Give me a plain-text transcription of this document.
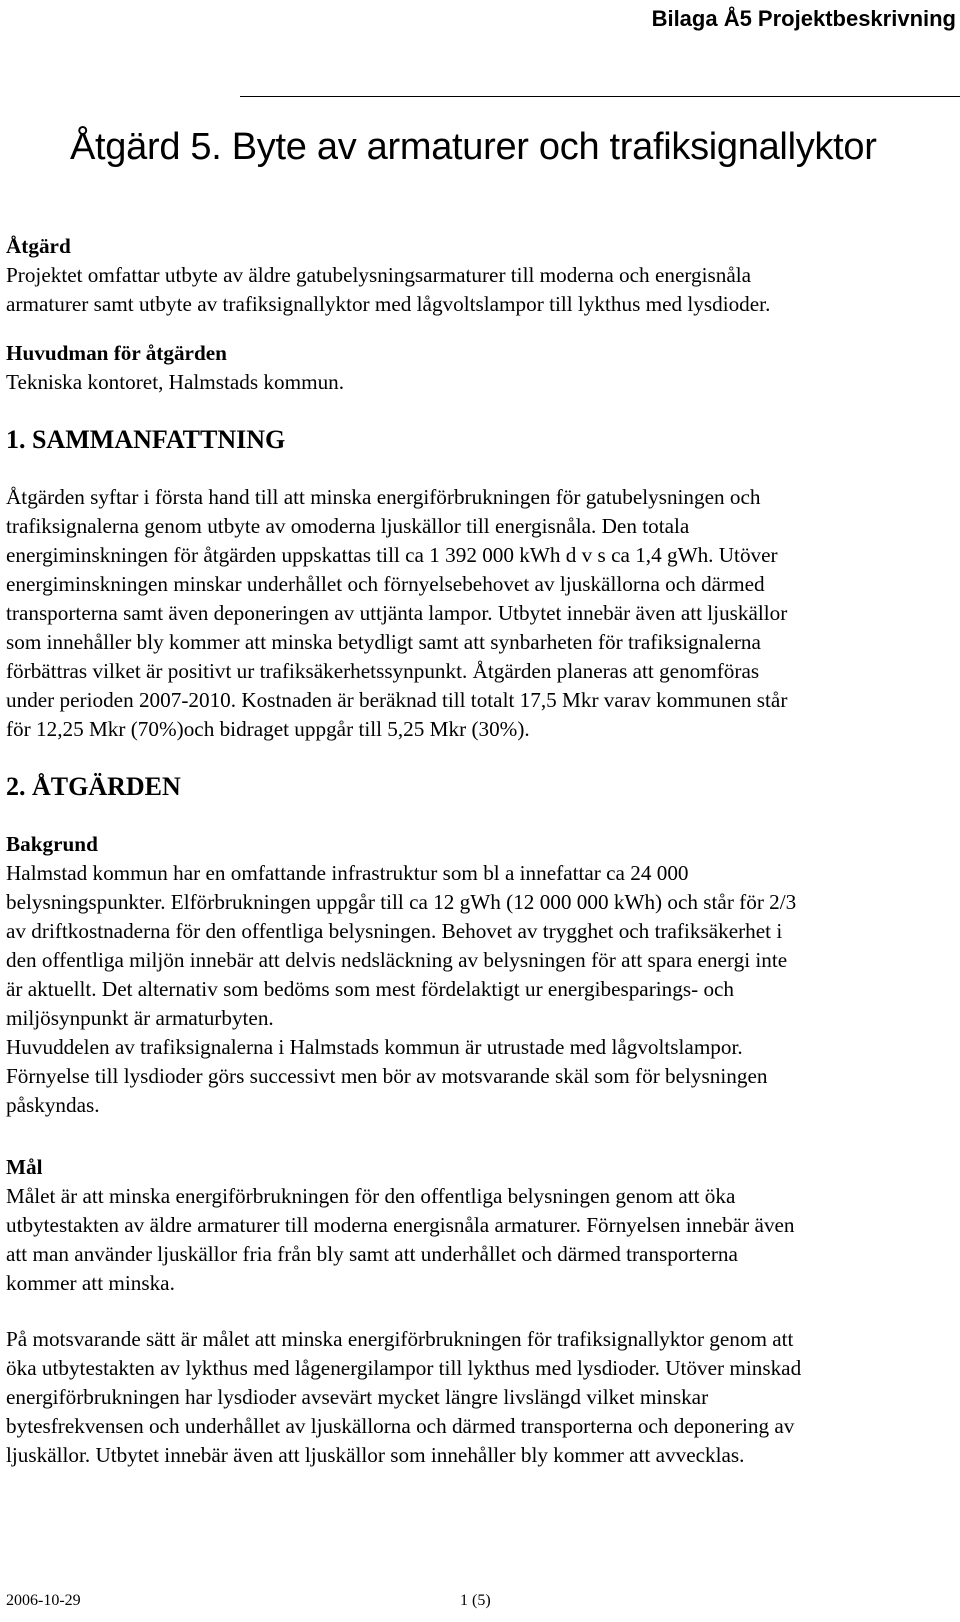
Bilaga Å5 Projektbeskrivning
Åtgärd 5. Byte av armaturer och trafiksignallyktor
Åtgärd

Projektet omfattar utbyte av äldre gatubelysningsarmaturer till moderna och energisnåla

armaturer samt utbyte av trafiksignallyktor med lågvoltslampor till lykthus med lysdioder.

Huvudman för åtgärden

Tekniska kontoret, Halmstads kommun.

1. SAMMANFATTNING

Åtgärden syftar i första hand till att minska energiförbrukningen för gatubelysningen och

trafiksignalerna genom utbyte av omoderna ljuskällor till energisnåla. Den totala

energiminskningen för åtgärden uppskattas till ca 1 392 000 kWh d v s ca 1,4 gWh. Utöver

energiminskningen minskar underhållet och förnyelsebehovet av ljuskällorna och därmed

transporterna samt även deponeringen av uttjänta lampor. Utbytet innebär även att ljuskällor

som innehåller bly kommer att minska betydligt samt att synbarheten för trafiksignalerna

förbättras vilket är positivt ur trafiksäkerhetssynpunkt. Åtgärden planeras att genomföras

under perioden 2007-2010. Kostnaden är beräknad till totalt 17,5 Mkr varav kommunen står

för 12,25 Mkr (70%)och bidraget uppgår till 5,25 Mkr (30%).

2. ÅTGÄRDEN
Bakgrund

Halmstad kommun har en omfattande infrastruktur som bl a innefattar ca 24 000

belysningspunkter. Elförbrukningen uppgår till ca 12 gWh (12 000 000 kWh) och står för 2/3

av driftkostnaderna för den offentliga belysningen. Behovet av trygghet och trafiksäkerhet i

den offentliga miljön innebär att delvis nedsläckning av belysningen för att spara energi inte

är aktuellt. Det alternativ som bedöms som mest fördelaktigt ur energibesparings- och

miljösynpunkt är armaturbyten.

Huvuddelen av trafiksignalerna i Halmstads kommun är utrustade med lågvoltslampor.

Förnyelse till lysdioder görs successivt men bör av motsvarande skäl som för belysningen

påskyndas.

Mål

Målet är att minska energiförbrukningen för den offentliga belysningen genom att öka

utbytestakten av äldre armaturer till moderna energisnåla armaturer. Förnyelsen innebär även

att man använder ljuskällor fria från bly samt att underhållet och därmed transporterna

kommer att minska.

På motsvarande sätt är målet att minska energiförbrukningen för trafiksignallyktor genom att

öka utbytestakten av lykthus med lågenergilampor till lykthus med lysdioder. Utöver minskad

energiförbrukningen har lysdioder avsevärt mycket längre livslängd vilket minskar

bytesfrekvensen och underhållet av ljuskällorna och därmed transporterna och deponering av

ljuskällor. Utbytet innebär även att ljuskällor som innehåller bly kommer att avvecklas.

2006-10-29	1 (5)
